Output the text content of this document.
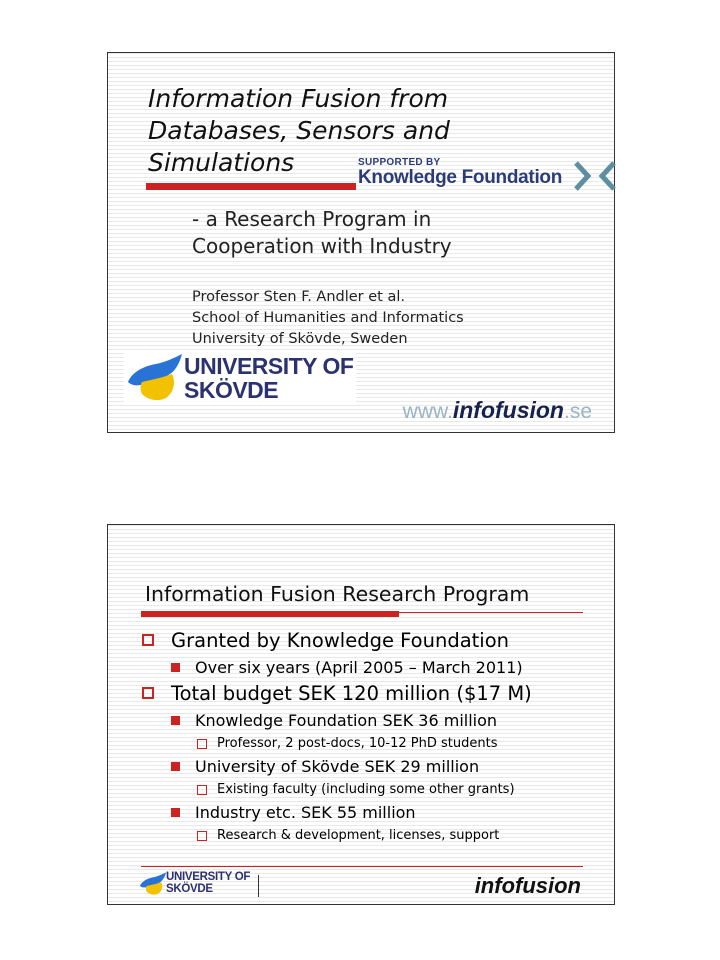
Information Fusion from
Databases, Sensors and
Simulations	SUPPORTED BY
Knowledge Foundation
- a Research Program in
Cooperation with Industry
Professor Sten F. Andler et al.
School of Humanities and Informatics
University of Skövde, Sweden
UNIVERSITY OF
SKÖVDE
www.infofusion.se
Information Fusion Research Program
Granted by Knowledge Foundation
Over six years (April 2005 – March 2011)
Total budget SEK 120 million ($17 M)
Knowledge Foundation SEK 36 million
Professor, 2 post-docs, 10-12 PhD students
University of Skövde SEK 29 million
Existing faculty (including some other grants)
Industry etc. SEK 55 million
Research & development, licenses, support
UNIVERSITY OF
SKÖVDE	infofusion
